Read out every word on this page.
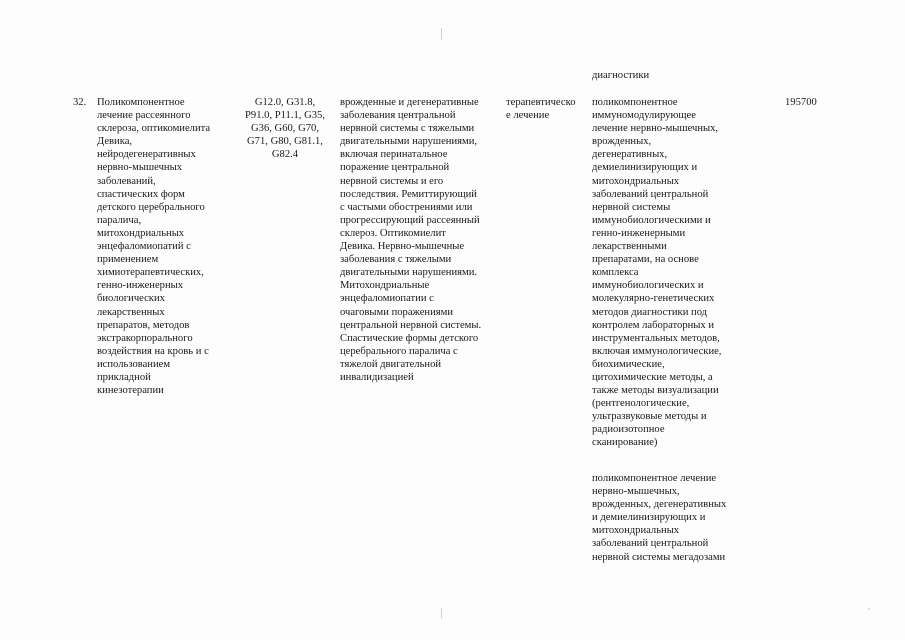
диагностики
32.	Поликомпонентное
лечение рассеянного
склероза, оптикомиелита
Девика,
нейродегенеративных
нервно-мышечных
заболеваний,
спастических форм
детского церебрального
паралича,
митохондриальных
энцефаломиопатий с
применением
химиотерапевтических,
генно-инженерных
биологических
лекарственных
препаратов, методов
экстракорпорального
воздействия на кровь и с
использованием
прикладной
кинезотерапии
G12.0, G31.8,
P91.0, P11.1, G35,
G36, G60, G70,
G71, G80, G81.1,
G82.4
врожденные и дегенеративные
заболевания центральной
нервной системы с тяжелыми
двигательными нарушениями,
включая перинатальное
поражение центральной
нервной системы и его
последствия. Ремиттирующий
с частыми обострениями или
прогрессирующий рассеянный
склероз. Оптикомиелит
Девика. Нервно-мышечные
заболевания с тяжелыми
двигательными нарушениями.
Митохондриальные
энцефаломиопатии с
очаговыми поражениями
центральной нервной системы.
Спастические формы детского
церебрального паралича с
тяжелой двигательной
инвалидизацией
терапевтическо
е лечение
поликомпонентное
иммуномодулирующее
лечение нервно-мышечных,
врожденных,
дегенеративных,
демиелинизирующих и
митохондриальных
заболеваний центральной
нервной системы
иммунобиологическими и
генно-инженерными
лекарственными
препаратами, на основе
комплекса
иммунобиологических и
молекулярно-генетических
методов диагностики под
контролем лабораторных и
инструментальных методов,
включая иммунологические,
биохимические,
цитохимические методы, а
также методы визуализации
(рентгенологические,
ультразвуковые методы и
радиоизотопное
сканирование)
поликомпонентное лечение
нервно-мышечных,
врожденных, дегенеративных
и демиелинизирующих и
митохондриальных
заболеваний центральной
нервной системы мегадозами
195700
